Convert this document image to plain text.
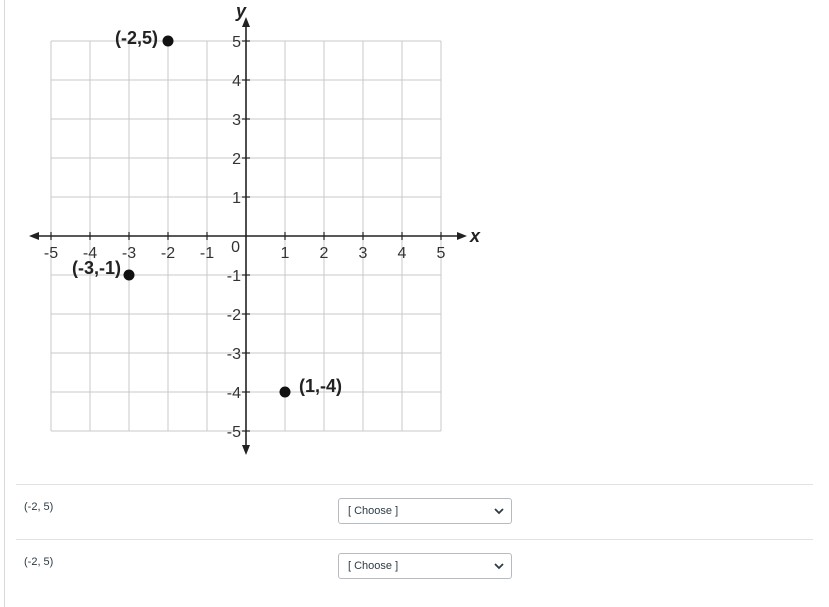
x
y
-5 -4 -3 -2 -1	1 2 3 4 5
5
4
3
2
1
-1
-2
-3
-4
-5
0
(-2,5)
(-3,-1)
(1,-4)
(-2, 5)	[ Choose ]
(-2, 5)	[ Choose ]
